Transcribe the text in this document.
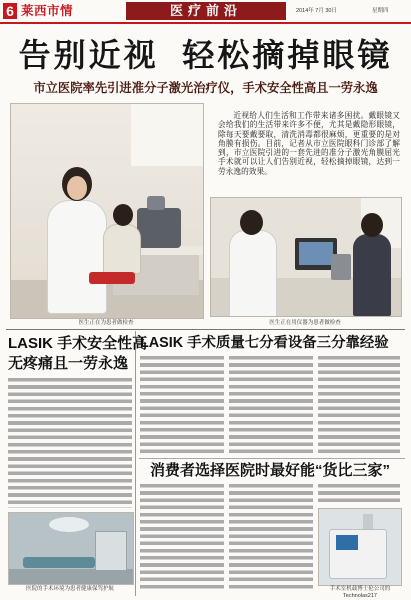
6 莱西市情	医疗前沿	2014年 7月 30日	星期四
告别近视  轻松摘掉眼镜
市立医院率先引进准分子激光治疗仪，手术安全性高且一劳永逸
医生正在为患者做检查
近视给人们生活和工作带来诸多困扰。戴眼镜又会给我们的生活带来许多不便，尤其是戴隐形眼镜，除每天要戴要取，清洗消毒都很麻烦，更重要的是对角膜有损伤。目前，记者从市立医院眼科门诊部了解到，市立医院引进的一套先进的准分子激光角膜屈光手术就可以让人们告别近视，轻松摘掉眼镜，达到一劳永逸的效果。
医生正在用仪器为患者做检查
LASIK 手术安全性高
无疼痛且一劳永逸
医院的手术环境为患者健康保驾护航
LASIK 手术质量七分看设备三分靠经验
消费者选择医院时最好能“货比三家”
手术室机载博士伦公司的Technolas217
